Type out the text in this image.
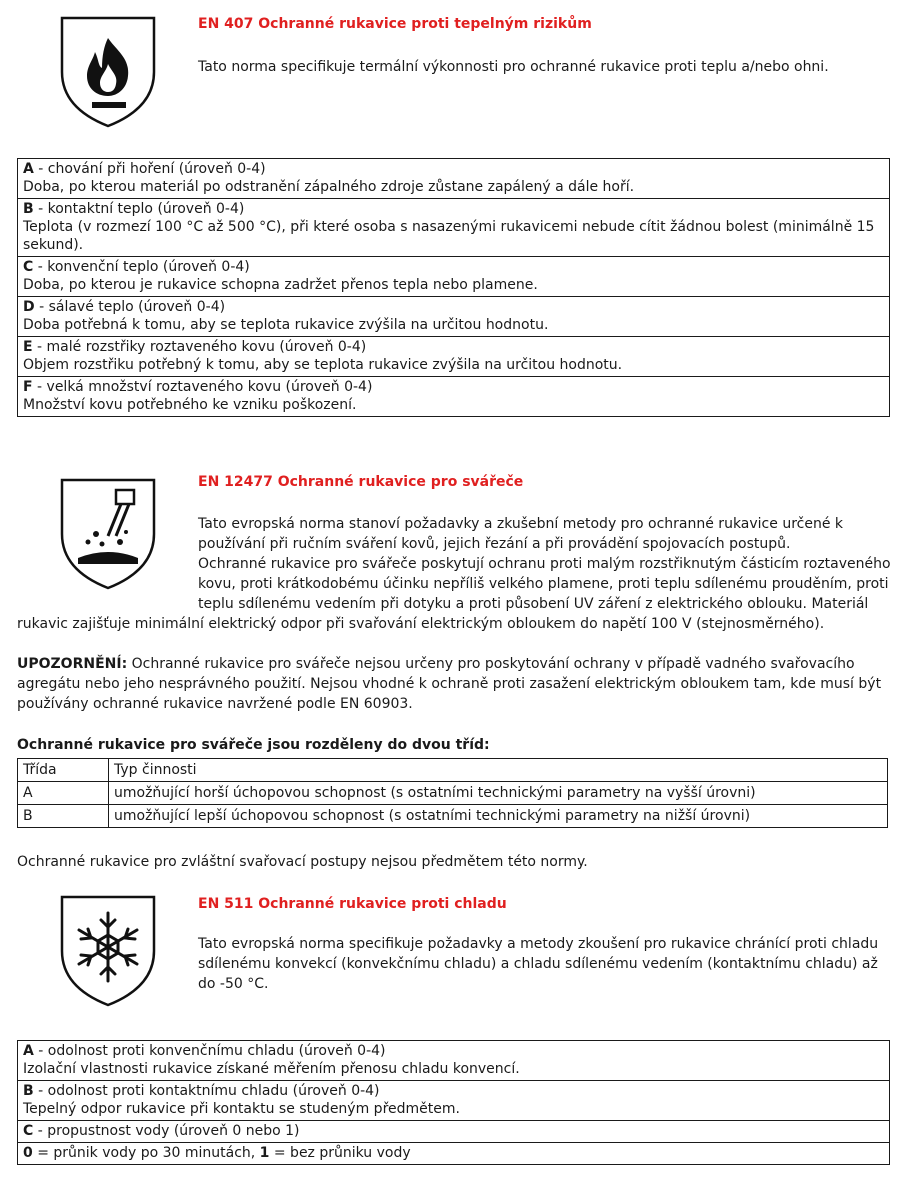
EN 407 Ochranné rukavice proti tepelným rizikům
Tato norma specifikuje termální výkonnosti pro ochranné rukavice proti teplu a/nebo ohni.
A - chování při hoření (úroveň 0-4)
Doba, po kterou materiál po odstranění zápalného zdroje zůstane zapálený a dále hoří.
B - kontaktní teplo (úroveň 0-4)
Teplota (v rozmezí 100 °C až 500 °C), při které osoba s nasazenými rukavicemi nebude cítit žádnou bolest (minimálně 15
sekund).
C - konvenční teplo (úroveň 0-4)
Doba, po kterou je rukavice schopna zadržet přenos tepla nebo plamene.
D - sálavé teplo (úroveň 0-4)
Doba potřebná k tomu, aby se teplota rukavice zvýšila na určitou hodnotu.
E - malé rozstřiky roztaveného kovu (úroveň 0-4)
Objem rozstřiku potřebný k tomu, aby se teplota rukavice zvýšila na určitou hodnotu.
F - velká množství roztaveného kovu (úroveň 0-4)
Množství kovu potřebného ke vzniku poškození.
EN 12477 Ochranné rukavice pro svářeče
Tato evropská norma stanoví požadavky a zkušební metody pro ochranné rukavice určené k
používání při ručním sváření kovů, jejich řezání a při provádění spojovacích postupů.
Ochranné rukavice pro svářeče poskytují ochranu proti malým rozstřiknutým částicím roztaveného
kovu, proti krátkodobému účinku nepříliš velkého plamene, proti teplu sdílenému prouděním, proti
teplu sdílenému vedením při dotyku a proti působení UV záření z elektrického oblouku. Materiál
rukavic zajišťuje minimální elektrický odpor při svařování elektrickým obloukem do napětí 100 V (stejnosměrného).
UPOZORNĚNÍ: Ochranné rukavice pro svářeče nejsou určeny pro poskytování ochrany v případě vadného svařovacího
agregátu nebo jeho nesprávného použití. Nejsou vhodné k ochraně proti zasažení elektrickým obloukem tam, kde musí být
používány ochranné rukavice navržené podle EN 60903.
Ochranné rukavice pro svářeče jsou rozděleny do dvou tříd:
Třída	Typ činnosti
A	umožňující horší úchopovou schopnost (s ostatními technickými parametry na vyšší úrovni)
B	umožňující lepší úchopovou schopnost (s ostatními technickými parametry na nižší úrovni)
Ochranné rukavice pro zvláštní svařovací postupy nejsou předmětem této normy.
EN 511 Ochranné rukavice proti chladu
Tato evropská norma specifikuje požadavky a metody zkoušení pro rukavice chránící proti chladu
sdílenému konvekcí (konvekčnímu chladu) a chladu sdílenému vedením (kontaktnímu chladu) až
do -50 °C.
A - odolnost proti konvenčnímu chladu (úroveň 0-4)
Izolační vlastnosti rukavice získané měřením přenosu chladu konvencí.
B - odolnost proti kontaktnímu chladu (úroveň 0-4)
Tepelný odpor rukavice při kontaktu se studeným předmětem.
C - propustnost vody (úroveň 0 nebo 1)
0 = průnik vody po 30 minutách, 1 = bez průniku vody
